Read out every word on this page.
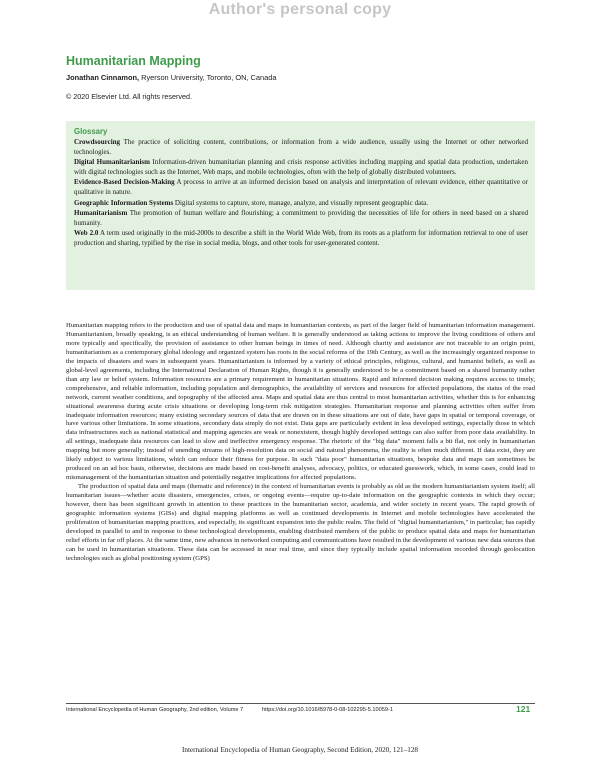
Author's personal copy
Humanitarian Mapping
Jonathan Cinnamon, Ryerson University, Toronto, ON, Canada
© 2020 Elsevier Ltd. All rights reserved.
Glossary
Crowdsourcing The practice of soliciting content, contributions, or information from a wide audience, usually using the Internet or other networked technologies.
Digital Humanitarianism Information-driven humanitarian planning and crisis response activities including mapping and spatial data production, undertaken with digital technologies such as the Internet, Web maps, and mobile technologies, often with the help of globally distributed volunteers.
Evidence-Based Decision-Making A process to arrive at an informed decision based on analysis and interpretation of relevant evidence, either quantitative or qualitative in nature.
Geographic Information Systems Digital systems to capture, store, manage, analyze, and visually represent geographic data.
Humanitarianism The promotion of human welfare and flourishing; a commitment to providing the necessities of life for others in need based on a shared humanity.
Web 2.0 A term used originally in the mid-2000s to describe a shift in the World Wide Web, from its roots as a platform for information retrieval to one of user production and sharing, typified by the rise in social media, blogs, and other tools for user-generated content.

Humanitarian mapping refers to the production and use of spatial data and maps in humanitarian contexts, as part of the larger field of humanitarian information management. Humanitarianism, broadly speaking, is an ethical understanding of human welfare. It is generally understood as taking actions to improve the living conditions of others and more typically and specifically, the provision of assistance to other human beings in times of need. Although charity and assistance are not traceable to an origin point, humanitarianism as a contemporary global ideology and organized system has roots in the social reforms of the 19th Century, as well as the increasingly organized response to the impacts of disasters and wars in subsequent years. Humanitarianism is informed by a variety of ethical principles, religious, cultural, and humanist beliefs, as well as global-level agreements, including the International Declaration of Human Rights, though it is generally understood to be a commitment based on a shared humanity rather than any law or belief system. Information resources are a primary requirement in humanitarian situations. Rapid and informed decision making requires access to timely, comprehensive, and reliable information, including population and demographics, the availability of services and resources for affected populations, the status of the road network, current weather conditions, and topography of the affected area. Maps and spatial data are thus central to most humanitarian activities, whether this is for enhancing situational awareness during acute crisis situations or developing long-term risk mitigation strategies. Humanitarian response and planning activities often suffer from inadequate information resources; many existing secondary sources of data that are drawn on in these situations are out of date, have gaps in spatial or temporal coverage, or have various other limitations. In some situations, secondary data simply do not exist. Data gaps are particularly evident in less developed settings, especially those in which data infrastructures such as national statistical and mapping agencies are weak or nonexistent, though highly developed settings can also suffer from poor data availability. In all settings, inadequate data resources can lead to slow and ineffective emergency response. The rhetoric of the "big data" moment falls a bit flat, not only in humanitarian mapping but more generally; instead of unending streams of high-resolution data on social and natural phenomena, the reality is often much different. If data exist, they are likely subject to various limitations, which can reduce their fitness for purpose. In such "data poor" humanitarian situations, bespoke data and maps can sometimes be produced on an ad hoc basis, otherwise, decisions are made based on cost-benefit analyses, advocacy, politics, or educated guesswork, which, in some cases, could lead to mismanagement of the humanitarian situation and potentially negative implications for affected populations.

The production of spatial data and maps (thematic and reference) in the context of humanitarian events is probably as old as the modern humanitarianism system itself; all humanitarian issues—whether acute disasters, emergencies, crises, or ongoing events—require up-to-date information on the geographic contexts in which they occur; however, there has been significant growth in attention to these practices in the humanitarian sector, academia, and wider society in recent years. The rapid growth of geographic information systems (GISs) and digital mapping platforms as well as continued developments in Internet and mobile technologies have accelerated the proliferation of humanitarian mapping practices, and especially, its significant expansion into the public realm. The field of "digital humanitarianism," in particular, has rapidly developed in parallel to and in response to these technological developments, enabling distributed members of the public to produce spatial data and maps for humanitarian relief efforts in far off places. At the same time, new advances in networked computing and communications have resulted in the development of various new data sources that can be used in humanitarian situations. These data can be accessed in near real time, and since they typically include spatial information recorded through geolocation technologies such as global positioning system (GPS)

International Encyclopedia of Human Geography, 2nd edition, Volume 7	https://doi.org/10.1016/B978-0-08-102295-5.10059-1	121
International Encyclopedia of Human Geography, Second Edition, 2020, 121–128
